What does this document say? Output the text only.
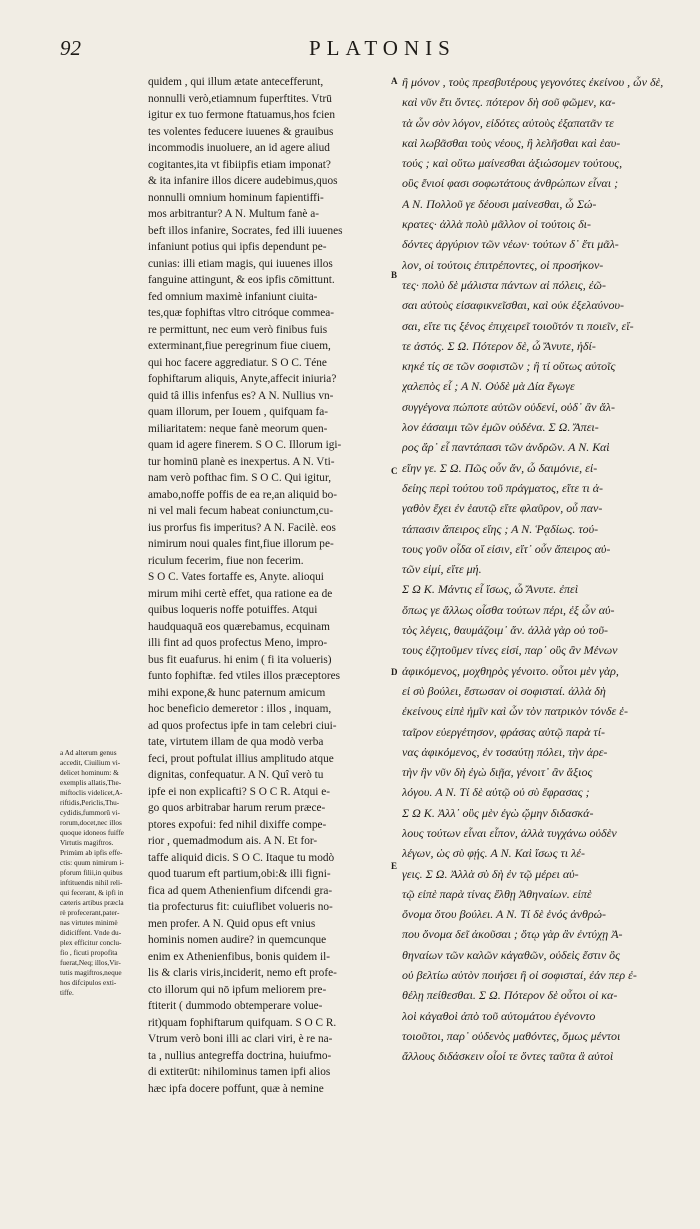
92	PLATONIS
A
B
C
D
E
quidem , qui illum ætate antecefferunt,
nonnulli verò,etiamnum fuperftites. Vtrū
igitur ex tuo fermone ftatuamus,hos fcien
tes volentes feducere iuuenes & grauibus
incommodis inuoluere, an id agere aliud
cogitantes,ita vt fibiipfis etiam imponat?
& ita infanire illos dicere audebimus,quos
nonnulli omnium hominum fapientiffi-
mos arbitrantur? A N. Multum fanè a-
beft illos infanire, Socrates, fed illi iuuenes
infaniunt potius qui ipfis dependunt pe-
cunias: illi etiam magis, qui iuuenes illos
fanguine attingunt, & eos ipfis cōmittunt.
fed omnium maximè infaniunt ciuita-
tes,quæ fophiftas vltro citróque commea-
re permittunt, nec eum verò finibus fuis
exterminant,fiue peregrinum fiue ciuem,
qui hoc facere aggrediatur. S O C. Téne
fophiftarum aliquis, Anyte,affecit iniuria?
quid tâ illis infenfus es? A N. Nullius vn-
quam illorum, per Iouem , quifquam fa-
miliaritatem: neque fanè meorum quen-
quam id agere finerem. S O C. Illorum igi-
tur hominū planè es inexpertus. A N. Vti-
nam verò pofthac fim. S O C. Qui igitur,
amabo,noffe poffis de ea re,an aliquid bo-
ni vel mali fecum habeat coniunctum,cu-
ius prorfus fis imperitus? A N. Facilè. eos
nimirum noui quales fint,fiue illorum pe-
riculum fecerim, fiue non fecerim.
S O C. Vates fortaffe es, Anyte. alioqui
mirum mihi certè effet, qua ratione ea de
quibus loqueris noffe potuiffes. Atqui
haudquaquā eos quærebamus, ecquinam
illi fint ad quos profectus Meno, impro-
bus fit euafurus. hi enim ( fi ita volueris)
funto fophiftæ. fed vtiles illos præceptores
mihi expone,& hunc paternum amicum
hoc beneficio demeretor : illos , inquam,
ad quos profectus ipfe in tam celebri ciui-
tate, virtutem illam de qua modò verba
feci, prout poftulat illius amplitudo atque
dignitas, confequatur. A N. Quî verò tu
ipfe ei non explicafti? S O C R. Atqui e-
go quos arbitrabar harum rerum præce-
ptores expofui: fed nihil dixiffe compe-
rior , quemadmodum ais. A N. Et for-
taffe aliquid dicis. S O C. Itaque tu modò
quod tuarum eft partium,obi:& illi figni-
fica ad quem Athenienfium difcendi gra-
tia profecturus fit: cuiuflibet volueris no-
men profer. A N. Quid opus eft vnius
hominis nomen audire? in quemcunque
enim ex Athenienfibus, bonis quidem il-
lis & claris viris,inciderit, nemo eft profe-
cto illorum qui nō ipfum meliorem pre-
ftiterit ( dummodo obtemperare volue-
rit)quam fophiftarum quifquam. S O C R.
Vtrum verò boni illi ac clari viri, è re na-
ta , nullius antegreffa doctrina, huiufmo-
di extiterūt: nihilominus tamen ipfi alios
hæc ipfa docere poffunt, quæ à nemine
ἢ μόνον , τοὺς πρεσβυτέρους γεγονότες ἐκείνου , ὧν δὲ,
καὶ νῦν ἔτι ὄντες. πότερον δὴ σοῦ φῶμεν, κα-
τὰ ὧν σὸν λόγον, εἰδότες αὐτοὺς ἐξαπατᾶν τε
καὶ λωβᾶσθαι τοὺς νέους, ἢ λελῆσθαι καὶ ἑαυ-
τούς ; καὶ οὕτω μαίνεσθαι ἀξιώσομεν τούτους,
οὓς ἔνιοί φασι σοφωτάτους ἀνθρώπων εἶναι ;
Α Ν. Πολλοῦ γε δέουσι μαίνεσθαι, ὦ Σώ-
κρατες· ἀλλὰ πολὺ μᾶλλον οἱ τούτοις δι-
δόντες ἀργύριον τῶν νέων· τούτων δ᾽ ἔτι μᾶλ-
λον, οἱ τούτοις ἐπιτρέποντες, οἱ προσήκον-
τες· πολὺ δὲ μάλιστα πάντων αἱ πόλεις, ἐῶ-
σαι αὐτοὺς εἰσαφικνεῖσθαι, καὶ οὐκ ἐξελαύνου-
σαι, εἴτε τις ξένος ἐπιχειρεῖ τοιοῦτόν τι ποιεῖν, εἴ-
τε ἀστός. Σ Ω. Πότερον δὲ, ὦ Ἄνυτε, ἠδί-
κηκέ τίς σε τῶν σοφιστῶν ; ἢ τί οὕτως αὐτοῖς
χαλεπὸς εἶ ; Α Ν. Οὐδὲ μὰ Δία ἔγωγε
συγγέγονα πώποτε αὐτῶν οὐδενί, οὐδ᾽ ἂν ἄλ-
λον ἐάσαιμι τῶν ἐμῶν οὐδένα. Σ Ω. Ἄπει-
ρος ἄρ᾽ εἶ παντάπασι τῶν ἀνδρῶν. Α Ν. Καὶ
εἴην γε. Σ Ω. Πῶς οὖν ἄν, ὦ δαιμόνιε, εἰ-
δείης περὶ τούτου τοῦ πράγματος, εἴτε τι ἀ-
γαθὸν ἔχει ἐν ἑαυτῷ εἴτε φλαῦρον, οὗ παν-
τάπασιν ἄπειρος εἴης ; Α Ν. Ῥᾳδίως. τού-
τους γοῦν οἶδα οἵ εἰσιν, εἴτ᾽ οὖν ἄπειρος αὐ-
τῶν εἰμί, εἴτε μή.
Σ Ω Κ. Μάντις εἶ ἴσως, ὦ Ἄνυτε. ἐπεὶ
ὅπως γε ἄλλως οἶσθα τούτων πέρι, ἐξ ὧν αὐ-
τὸς λέγεις, θαυμάζοιμ᾽ ἄν. ἀλλὰ γὰρ οὐ τοῦ-
τους ἐζητοῦμεν τίνες εἰσί, παρ᾽ οὓς ἂν Μένων
ἀφικόμενος, μοχθηρὸς γένοιτο. οὗτοι μὲν γὰρ,
εἰ σὺ βούλει, ἔστωσαν οἱ σοφισταί. ἀλλὰ δὴ
ἐκείνους εἰπὲ ἡμῖν καὶ ὧν τὸν πατρικὸν τόνδε ἑ-
ταῖρον εὐεργέτησον, φράσας αὐτῷ παρὰ τί-
νας ἀφικόμενος, ἐν τοσαύτῃ πόλει, τὴν ἀρε-
τὴν ἣν νῦν δὴ ἐγὼ διῇα, γένοιτ᾽ ἂν ἄξιος
λόγου. Α Ν. Τί δὲ αὐτῷ οὐ σὺ ἔφρασας ;
Σ Ω Κ. Ἀλλ᾽ οὓς μὲν ἐγὼ ᾤμην διδασκά-
λους τούτων εἶναι εἶπον, ἀλλὰ τυγχάνω οὐδὲν
λέγων, ὡς σὺ φῄς. Α Ν. Καὶ ἴσως τι λέ-
γεις. Σ Ω. Ἀλλὰ σὺ δὴ ἐν τῷ μέρει αὐ-
τῷ εἰπὲ παρὰ τίνας ἔλθῃ Ἀθηναίων. εἰπὲ
ὄνομα ὅτου βούλει. Α Ν. Τί δὲ ἑνός ἀνθρώ-
που ὄνομα δεῖ ἀκοῦσαι ; ὅτῳ γὰρ ἂν ἐντύχῃ Ἀ-
θηναίων τῶν καλῶν κἀγαθῶν, οὐδεὶς ἔστιν ὃς
οὐ βελτίω αὐτὸν ποιήσει ἢ οἱ σοφισταί, ἐάν περ ἐ-
θέλῃ πείθεσθαι. Σ Ω. Πότερον δὲ οὗτοι οἱ κα-
λοὶ κἀγαθοὶ ἀπὸ τοῦ αὐτομάτου ἐγένοντο
τοιοῦτοι, παρ᾽ οὐδενὸς μαθόντες, ὅμως μέντοι
ἄλλους διδάσκειν οἷοί τε ὄντες ταῦτα ἃ αὐτοὶ
a Ad alterum genus
accedit, Ciuilium vi-
delicet hominum: &
exemplis allatis,The-
miftoclis videlicet,A-
riftidis,Periclis,Thu-
cydidis,fummorū vi-
rorum,docet,nec illos
quoque idoneos fuiffe
Virtutis magiftros.
Primùm ab ipfis effe-
ctis: quum nimirum i-
pforum filii,in quibus
inftituendis nihil reli-
qui fecerant, & ipfi in
cæteris artibus præcla
rè profecerant,pater-
nas virtutes minimè
didiciffent. Vnde du-
plex efficitur conclu-
fio , ficuti propofita
fuerat,Neq; illos,Vir-
tutis magiftros,neque
hos difcipulos exti-
tiffe.
